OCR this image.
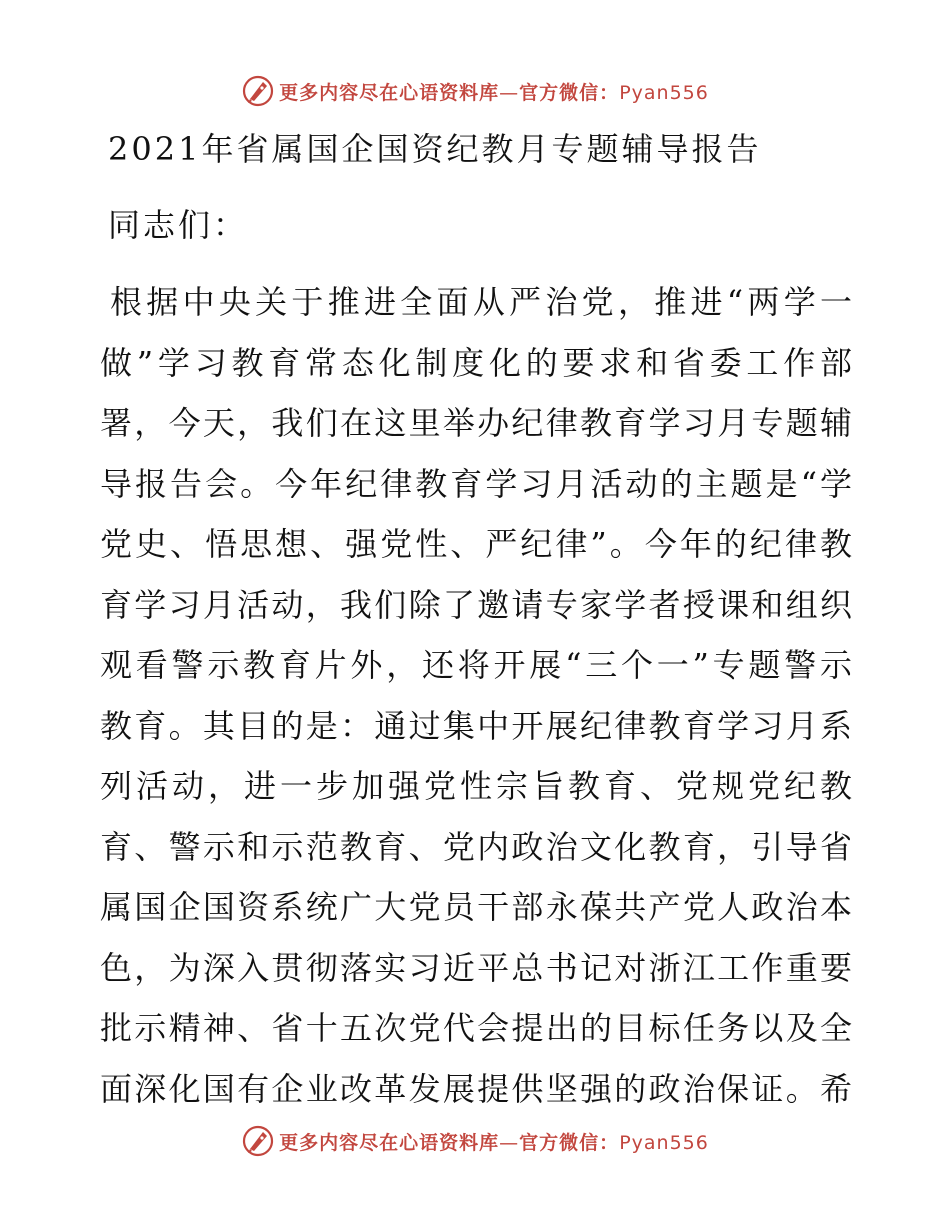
更多内容尽在心语资料库—官方微信：Pyan556
2021年省属国企国资纪教月专题辅导报告
同志们：
根据中央关于推进全面从严治党，推进“两学一
做”学习教育常态化制度化的要求和省委工作部
署，今天，我们在这里举办纪律教育学习月专题辅
导报告会。今年纪律教育学习月活动的主题是“学
党史、悟思想、强党性、严纪律”。今年的纪律教
育学习月活动，我们除了邀请专家学者授课和组织
观看警示教育片外，还将开展“三个一”专题警示
教育。其目的是：通过集中开展纪律教育学习月系
列活动，进一步加强党性宗旨教育、党规党纪教
育、警示和示范教育、党内政治文化教育，引导省
属国企国资系统广大党员干部永葆共产党人政治本
色，为深入贯彻落实习近平总书记对浙江工作重要
批示精神、省十五次党代会提出的目标任务以及全
面深化国有企业改革发展提供坚强的政治保证。希
更多内容尽在心语资料库—官方微信：Pyan556
